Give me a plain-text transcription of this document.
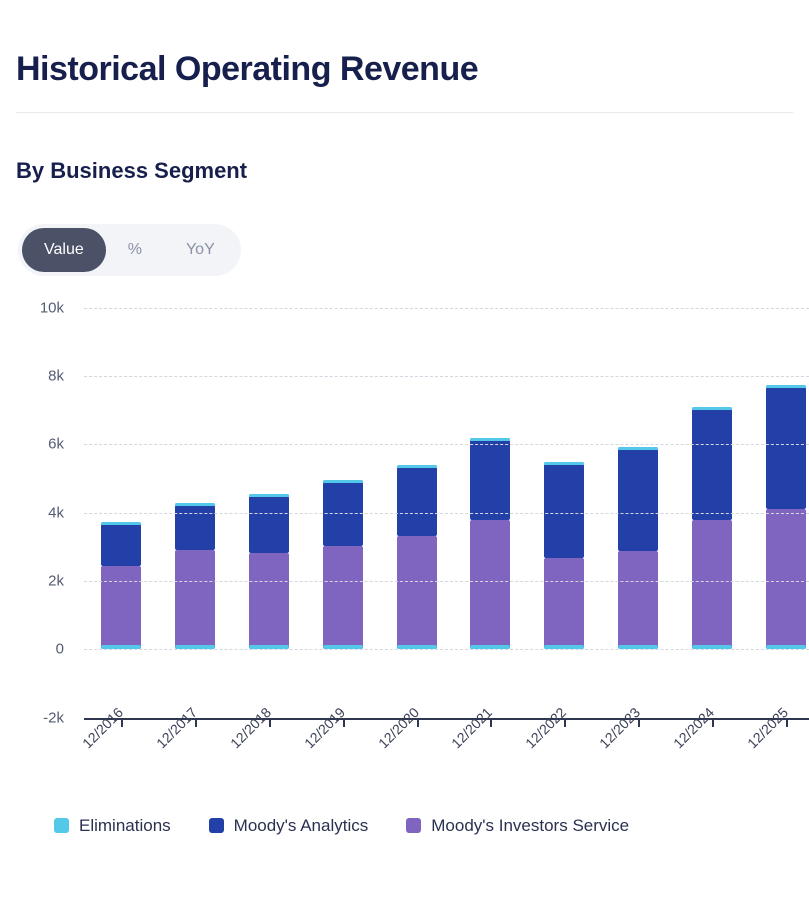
Historical Operating Revenue
By Business Segment
Value	%	YoY
-2k
0
2k
4k
6k
8k
10k
12/2016 12/2017 12/2018 12/2019 12/2020 12/2021 12/2022 12/2023 12/2024 12/2025
Eliminations	Moody's Analytics	Moody's Investors Service
